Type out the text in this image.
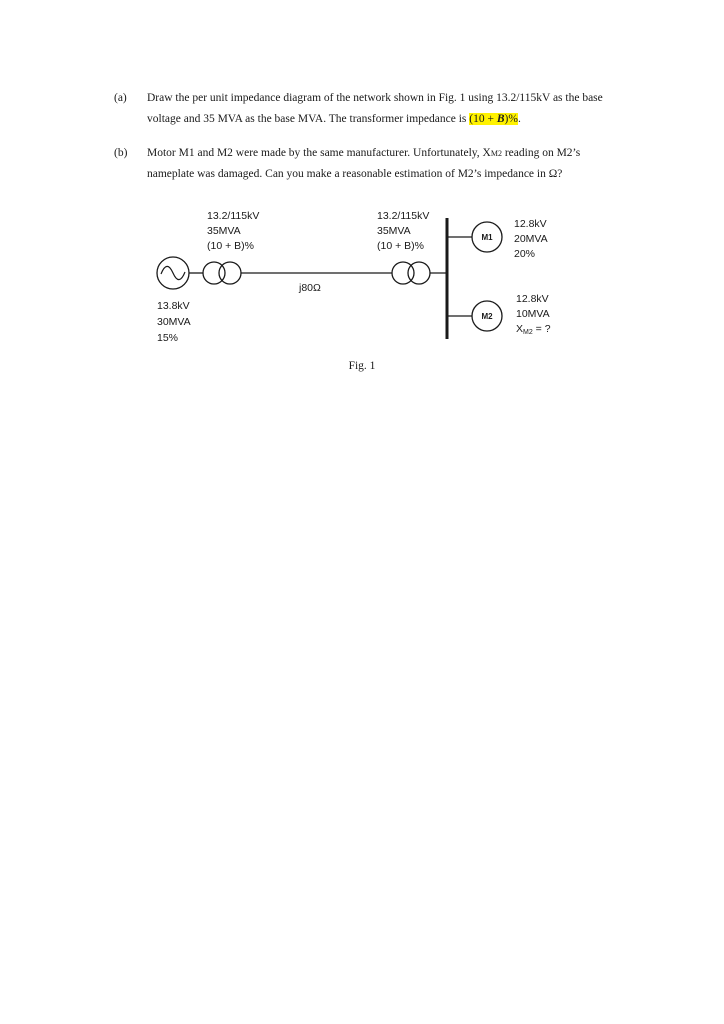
(a) Draw the per unit impedance diagram of the network shown in Fig. 1 using 13.2/115kV as the base voltage and 35 MVA as the base MVA. The transformer impedance is (10 + B)%.
(b) Motor M1 and M2 were made by the same manufacturer. Unfortunately, XM2 reading on M2’s nameplate was damaged. Can you make a reasonable estimation of M2’s impedance in Ω?
13.2/115kV
35MVA
(10 + B)%
13.2/115kV
35MVA
(10 + B)%
j80Ω
M1
12.8kV
20MVA
20%
M2
12.8kV
10MVA
XM2 = ?
13.8kV
30MVA
15%
Fig. 1
